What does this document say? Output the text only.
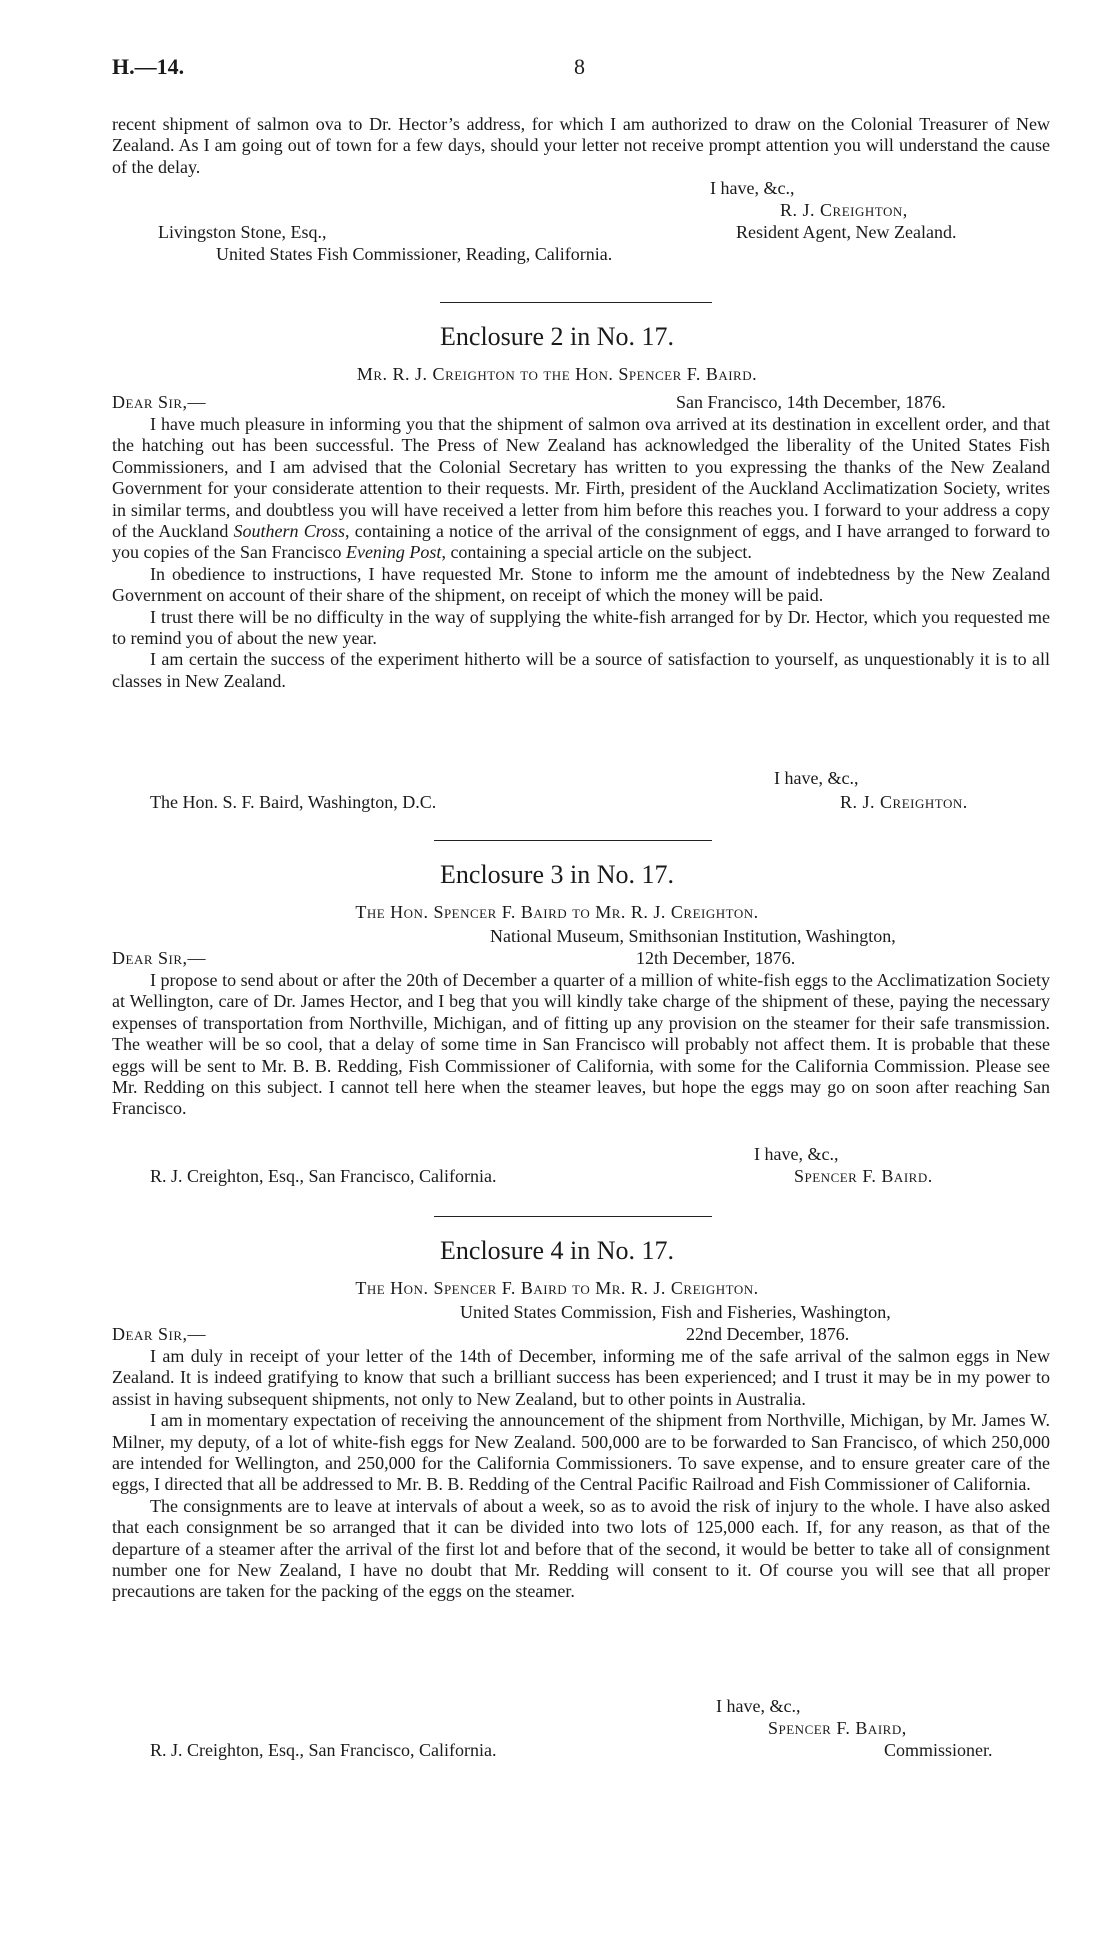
H.—14.	8

recent shipment of salmon ova to Dr. Hector’s address, for which I am authorized to draw on the Colonial Treasurer of New Zealand. As I am going out of town for a few days, should your letter not receive prompt attention you will understand the cause of the delay.

I have, &c.,
R. J. Creighton,
Livingston Stone, Esq.,	Resident Agent, New Zealand.
United States Fish Commissioner, Reading, California.
Enclosure 2 in No. 17.
Mr. R. J. Creighton to the Hon. Spencer F. Baird.
Dear Sir,—	San Francisco, 14th December, 1876.

I have much pleasure in informing you that the shipment of salmon ova arrived at its destination in excellent order, and that the hatching out has been successful. The Press of New Zealand has acknowledged the liberality of the United States Fish Commissioners, and I am advised that the Colonial Secretary has written to you expressing the thanks of the New Zealand Government for your considerate attention to their requests. Mr. Firth, president of the Auckland Acclimatization Society, writes in similar terms, and doubtless you will have received a letter from him before this reaches you. I forward to your address a copy of the Auckland Southern Cross, containing a notice of the arrival of the consignment of eggs, and I have arranged to forward to you copies of the San Francisco Evening Post, containing a special article on the subject.

In obedience to instructions, I have requested Mr. Stone to inform me the amount of indebtedness by the New Zealand Government on account of their share of the shipment, on receipt of which the money will be paid.

I trust there will be no difficulty in the way of supplying the white-fish arranged for by Dr. Hector, which you requested me to remind you of about the new year.

I am certain the success of the experiment hitherto will be a source of satisfaction to yourself, as unquestionably it is to all classes in New Zealand.

I have, &c.,
The Hon. S. F. Baird, Washington, D.C.	R. J. Creighton.
Enclosure 3 in No. 17.
The Hon. Spencer F. Baird to Mr. R. J. Creighton.
National Museum, Smithsonian Institution, Washington,
Dear Sir,—	12th December, 1876.

I propose to send about or after the 20th of December a quarter of a million of white-fish eggs to the Acclimatization Society at Wellington, care of Dr. James Hector, and I beg that you will kindly take charge of the shipment of these, paying the necessary expenses of transportation from Northville, Michigan, and of fitting up any provision on the steamer for their safe transmission. The weather will be so cool, that a delay of some time in San Francisco will probably not affect them. It is probable that these eggs will be sent to Mr. B. B. Redding, Fish Commissioner of California, with some for the California Commission. Please see Mr. Redding on this subject. I cannot tell here when the steamer leaves, but hope the eggs may go on soon after reaching San Francisco.

I have, &c.,
R. J. Creighton, Esq., San Francisco, California.	Spencer F. Baird.
Enclosure 4 in No. 17.
The Hon. Spencer F. Baird to Mr. R. J. Creighton.
United States Commission, Fish and Fisheries, Washington,
Dear Sir,—	22nd December, 1876.

I am duly in receipt of your letter of the 14th of December, informing me of the safe arrival of the salmon eggs in New Zealand. It is indeed gratifying to know that such a brilliant success has been experienced; and I trust it may be in my power to assist in having subsequent shipments, not only to New Zealand, but to other points in Australia.

I am in momentary expectation of receiving the announcement of the shipment from Northville, Michigan, by Mr. James W. Milner, my deputy, of a lot of white-fish eggs for New Zealand. 500,000 are to be forwarded to San Francisco, of which 250,000 are intended for Wellington, and 250,000 for the California Commissioners. To save expense, and to ensure greater care of the eggs, I directed that all be addressed to Mr. B. B. Redding of the Central Pacific Railroad and Fish Commissioner of California.

The consignments are to leave at intervals of about a week, so as to avoid the risk of injury to the whole. I have also asked that each consignment be so arranged that it can be divided into two lots of 125,000 each. If, for any reason, as that of the departure of a steamer after the arrival of the first lot and before that of the second, it would be better to take all of consignment number one for New Zealand, I have no doubt that Mr. Redding will consent to it. Of course you will see that all proper precautions are taken for the packing of the eggs on the steamer.

I have, &c.,
Spencer F. Baird,
R. J. Creighton, Esq., San Francisco, California.	Commissioner.
